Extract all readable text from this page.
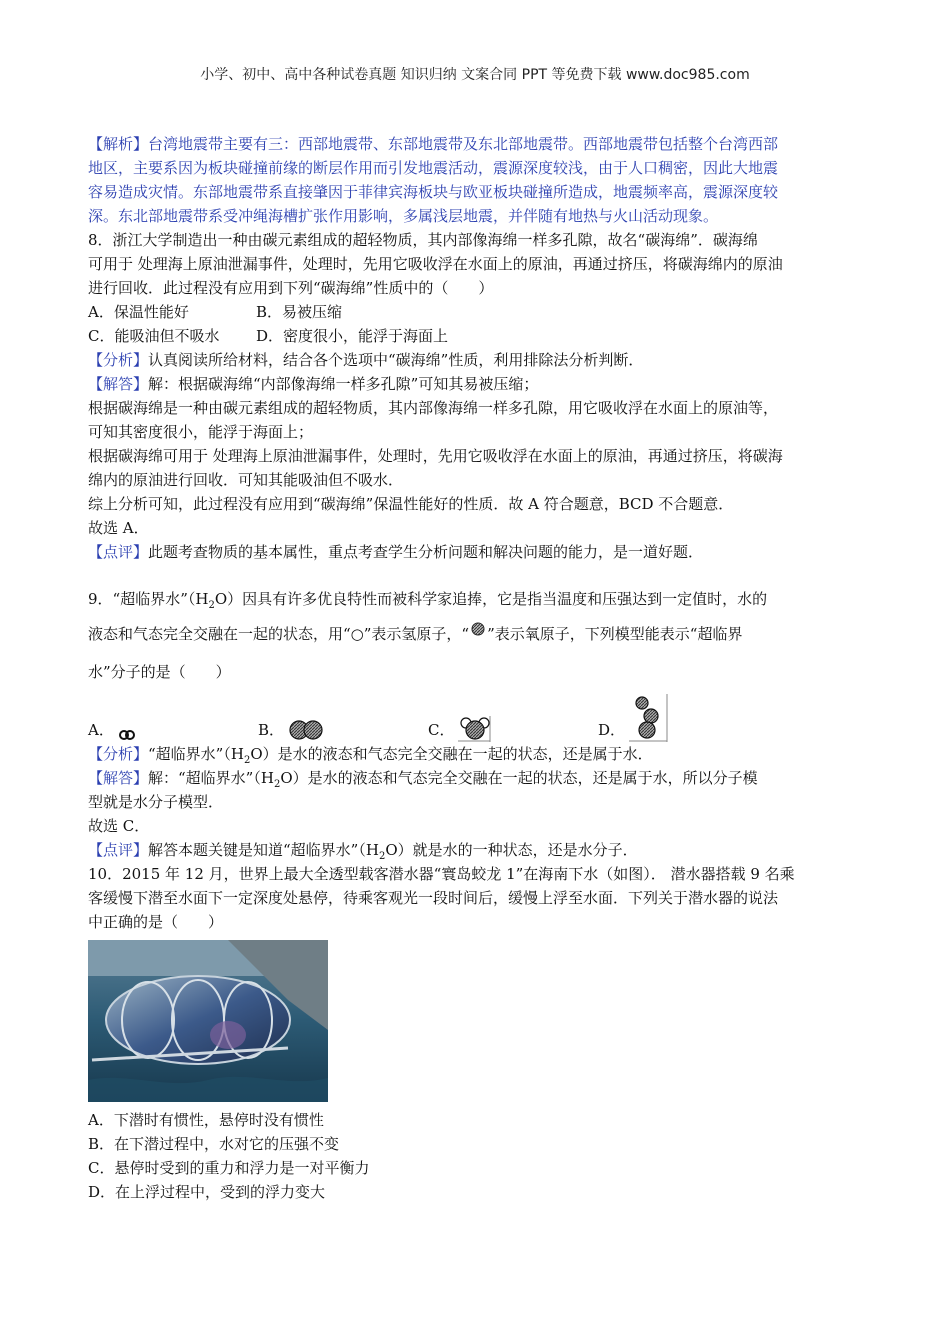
小学、初中、高中各种试卷真题 知识归纳 文案合同 PPT 等免费下载 www.doc985.com

【解析】台湾地震带主要有三：西部地震带、东部地震带及东北部地震带。西部地震带包括整个台湾西部
地区，主要系因为板块碰撞前缘的断层作用而引发地震活动，震源深度较浅，由于人口稠密，因此大地震
容易造成灾情。东部地震带系直接肇因于菲律宾海板块与欧亚板块碰撞所造成，地震频率高，震源深度较
深。东北部地震带系受冲绳海槽扩张作用影响，多属浅层地震，并伴随有地热与火山活动现象。

8．浙江大学制造出一种由碳元素组成的超轻物质，其内部像海绵一样多孔隙，故名“碳海绵”．碳海绵

可用于 处理海上原油泄漏事件，处理时，先用它吸收浮在水面上的原油，再通过挤压，将碳海绵内的原油

进行回收．此过程没有应用到下列“碳海绵”性质中的（　　）

A．保温性能好	B．易被压缩
C．能吸油但不吸水	D．密度很小，能浮于海面上

【分析】认真阅读所给材料，结合各个选项中“碳海绵”性质，利用排除法分析判断．

【解答】解：根据碳海绵“内部像海绵一样多孔隙”可知其易被压缩；

根据碳海绵是一种由碳元素组成的超轻物质，其内部像海绵一样多孔隙，用它吸收浮在水面上的原油等，

可知其密度很小，能浮于海面上；

根据碳海绵可用于 处理海上原油泄漏事件，处理时，先用它吸收浮在水面上的原油，再通过挤压，将碳海

绵内的原油进行回收．可知其能吸油但不吸水．

综上分析可知，此过程没有应用到“碳海绵”保温性能好的性质．故 A 符合题意，BCD 不合题意．

故选 A．

【点评】此题考查物质的基本属性，重点考查学生分析问题和解决问题的能力，是一道好题．

9．“超临界水$”(H_2O)$因具有许多优良特性而被科学家追捧，它是指当温度和压强达到一定值时，水的

液态和气态完全交融在一起的状态，用“○”表示氢原子，“ ”表示氧原子，下列模型能表示“超临界

水”分子的是（　　）

A．	B．	C．	D．

【分析】“超临界水$”(H_2O)$是水的液态和气态完全交融在一起的状态，还是属于水．

【解答】解：“超临界水$”(H_2O)$是水的液态和气态完全交融在一起的状态，还是属于水，所以分子模

型就是水分子模型．

故选 C．

【点评】解答本题关键是知道“超临界水$”(H_2O)$就是水的一种状态，还是水分子．

10．2015 年 12 月，世界上最大全透型载客潜水器“寰岛蛟龙 1”在海南下水（如图）． 潜水器搭载 9 名乘

客缓慢下潜至水面下一定深度处悬停，待乘客观光一段时间后，缓慢上浮至水面．下列关于潜水器的说法

中正确的是（　　）

A．下潜时有惯性，悬停时没有惯性

B．在下潜过程中，水对它的压强不变

C．悬停时受到的重力和浮力是一对平衡力

D．在上浮过程中，受到的浮力变大
